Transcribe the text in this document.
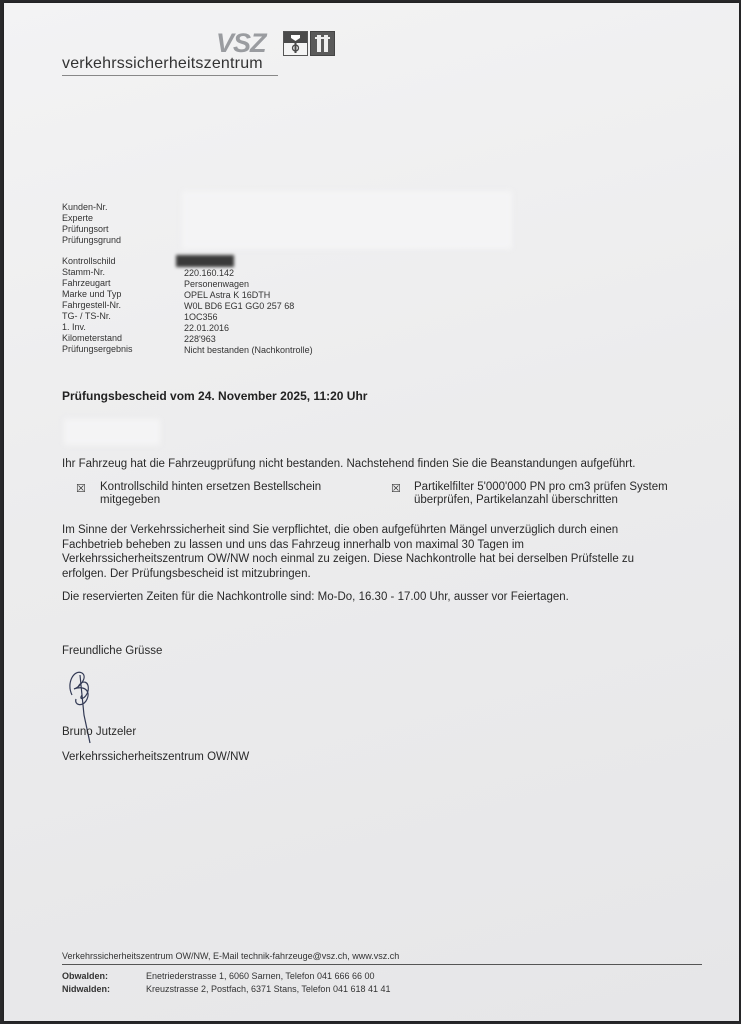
VSZ
verkehrssicherheitszentrum
Kunden-Nr.
Experte
Prüfungsort
Prüfungsgrund
Kontrollschild
Stamm-Nr.	220.160.142
Fahrzeugart	Personenwagen
Marke und Typ	OPEL Astra K 16DTH
Fahrgestell-Nr.	W0L BD6 EG1 GG0 257 68
TG- / TS-Nr.	1OC356
1. Inv.	22.01.2016
Kilometerstand	228'963
Prüfungsergebnis	Nicht bestanden (Nachkontrolle)
Prüfungsbescheid vom 24. November 2025, 11:20 Uhr
Ihr Fahrzeug hat die Fahrzeugprüfung nicht bestanden. Nachstehend finden Sie die Beanstandungen aufgeführt.
☒ Kontrollschild hinten ersetzen Bestellschein
mitgegeben
☒ Partikelfilter 5'000'000 PN pro cm3 prüfen System
überprüfen, Partikelanzahl überschritten
Im Sinne der Verkehrssicherheit sind Sie verpflichtet, die oben aufgeführten Mängel unverzüglich durch einen
Fachbetrieb beheben zu lassen und uns das Fahrzeug innerhalb von maximal 30 Tagen im
Verkehrssicherheitszentrum OW/NW noch einmal zu zeigen. Diese Nachkontrolle hat bei derselben Prüfstelle zu
erfolgen. Der Prüfungsbescheid ist mitzubringen.
Die reservierten Zeiten für die Nachkontrolle sind: Mo-Do, 16.30 - 17.00 Uhr, ausser vor Feiertagen.
Freundliche Grüsse
Bruno Jutzeler
Verkehrssicherheitszentrum OW/NW
Verkehrssicherheitszentrum OW/NW, E-Mail technik-fahrzeuge@vsz.ch, www.vsz.ch
Obwalden:	Enetriederstrasse 1, 6060 Sarnen, Telefon 041 666 66 00
Nidwalden:	Kreuzstrasse 2, Postfach, 6371 Stans, Telefon 041 618 41 41
